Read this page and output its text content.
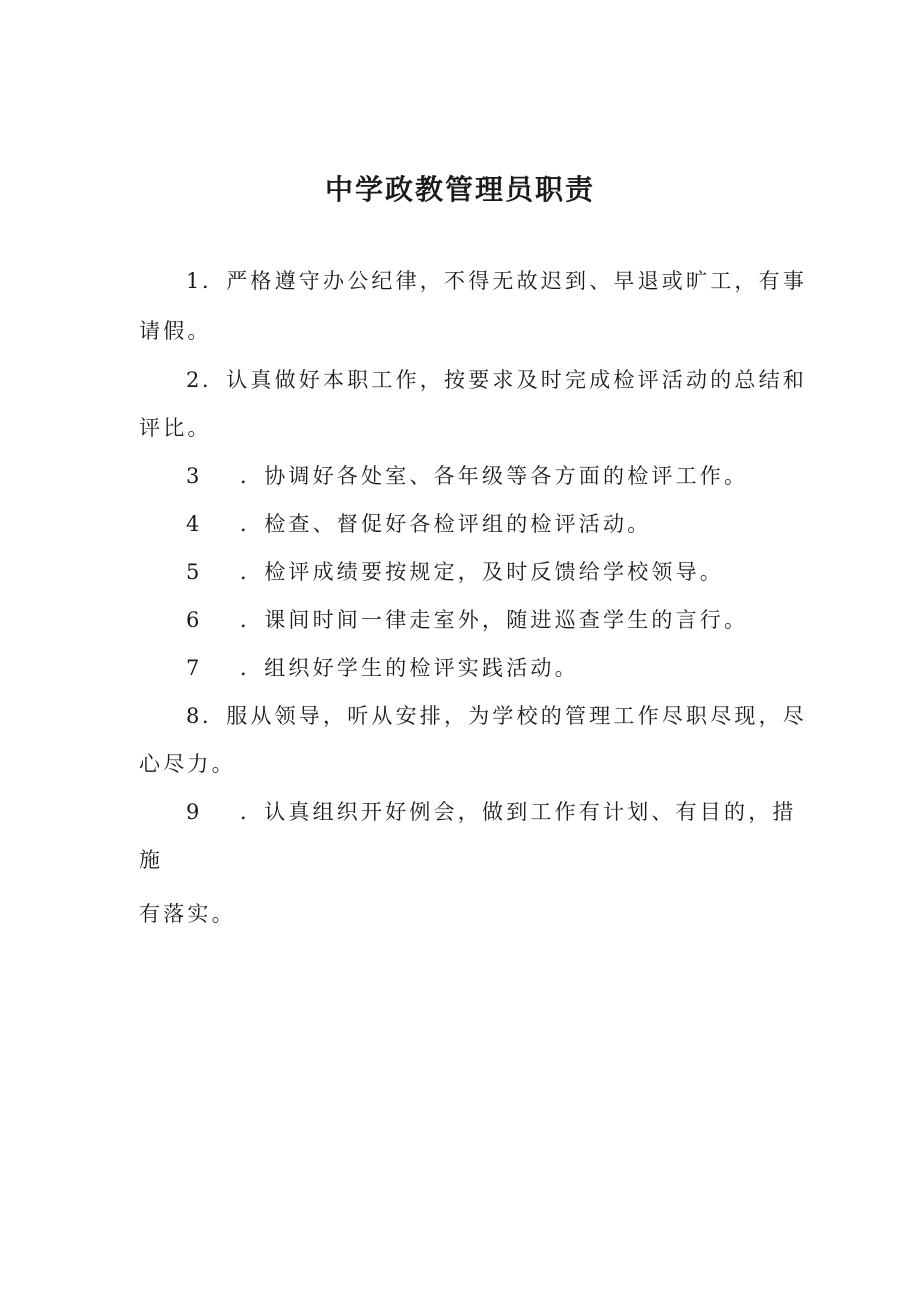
中学政教管理员职责
1 ．严格遵守办公纪律，不得无故迟到、早退或旷工，有事
请假。
2 ．认真做好本职工作，按要求及时完成检评活动的总结和
评比。
3 ．协调好各处室、各年级等各方面的检评工作。
4 ．检查、督促好各检评组的检评活动。
5 ．检评成绩要按规定，及时反馈给学校领导。
6 ．课间时间一律走室外，随进巡查学生的言行。
7 ．组织好学生的检评实践活动。
8 ．服从领导，听从安排，为学校的管理工作尽职尽现，尽
心尽力。
9 ．认真组织开好例会，做到工作有计划、有目的，措
施
有落实。
